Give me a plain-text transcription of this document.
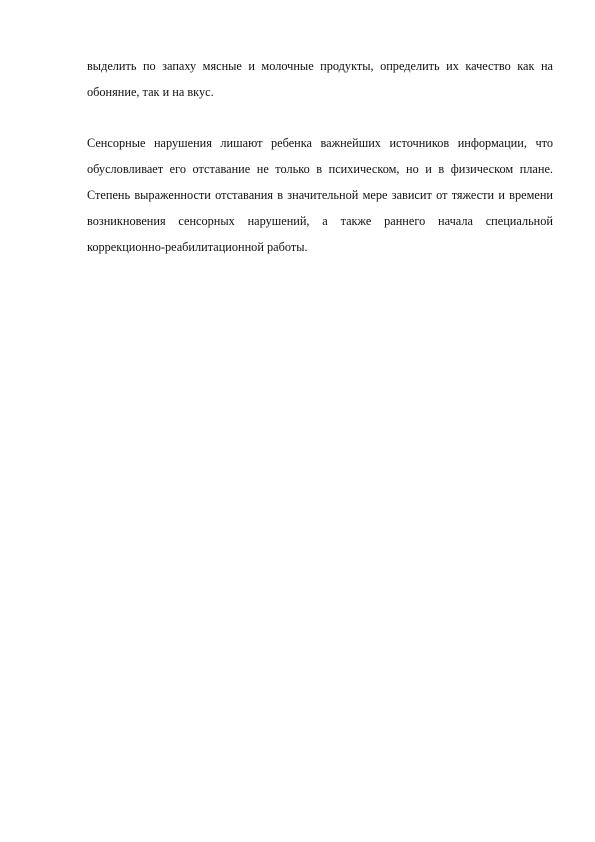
выделить по запаху мясные и молочные продукты, определить их качество как на обоняние, так и на вкус.

Сенсорные нарушения лишают ребенка важнейших источников информации, что обусловливает его отставание не только в психическом, но и в физическом плане. Степень выраженности отставания в значительной мере зависит от тяжести и времени возникновения сенсорных нарушений, а также раннего начала специальной коррекционно-реабилитационной работы.
